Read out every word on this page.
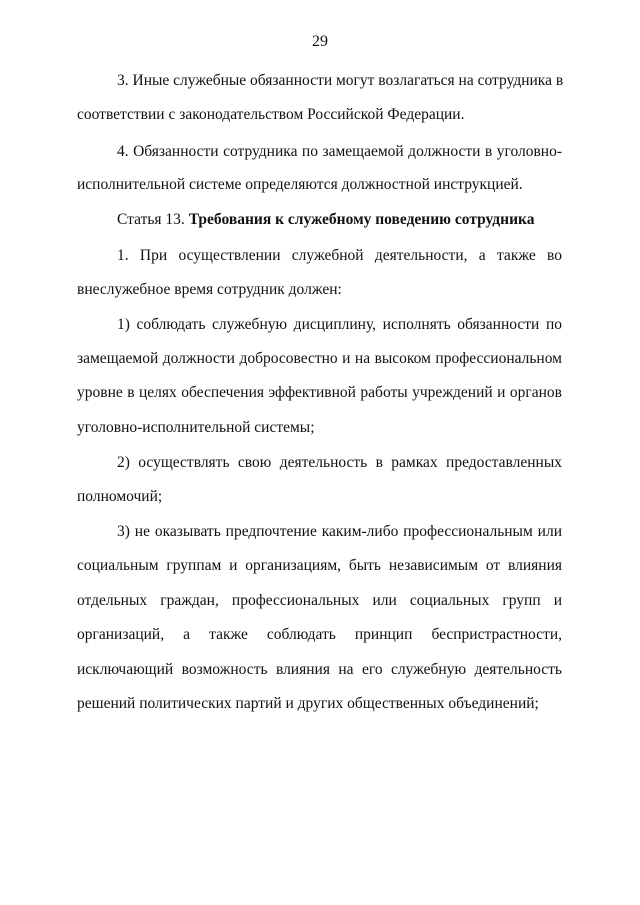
29
3. Иные служебные обязанности могут возлагаться на сотрудника в
соответствии с законодательством Российской Федерации.
4. Обязанности сотрудника по замещаемой должности в уголовно-
исполнительной системе определяются должностной инструкцией.
Статья 13. Требования к служебному поведению сотрудника
1. При осуществлении служебной деятельности, а также во
внеслужебное время сотрудник должен:
1) соблюдать служебную дисциплину, исполнять обязанности по
замещаемой должности добросовестно и на высоком профессиональном
уровне в целях обеспечения эффективной работы учреждений и органов
уголовно-исполнительной системы;
2) осуществлять свою деятельность в рамках предоставленных
полномочий;
3) не оказывать предпочтение каким-либо профессиональным или
социальным группам и организациям, быть независимым от влияния
отдельных граждан, профессиональных или социальных групп и
организаций, а также соблюдать принцип беспристрастности,
исключающий возможность влияния на его служебную деятельность
решений политических партий и других общественных объединений;
